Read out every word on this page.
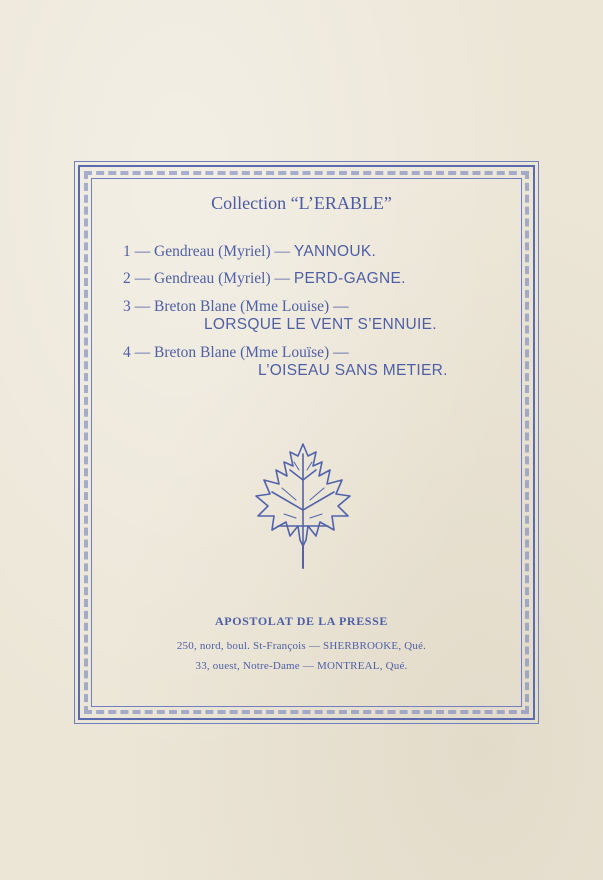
Collection “L’ERABLE”
1 — Gendreau (Myriel) — YANNOUK.
2 — Gendreau (Myriel) — PERD-GAGNE.
3 — Breton Blane (Mme Louise) —
LORSQUE LE VENT S’ENNUIE.
4 — Breton Blane (Mme Louïse) —
L’OISEAU SANS METIER.
APOSTOLAT DE LA PRESSE
250, nord, boul. St-François — SHERBROOKE, Qué.
33, ouest, Notre-Dame — MONTREAL, Qué.
